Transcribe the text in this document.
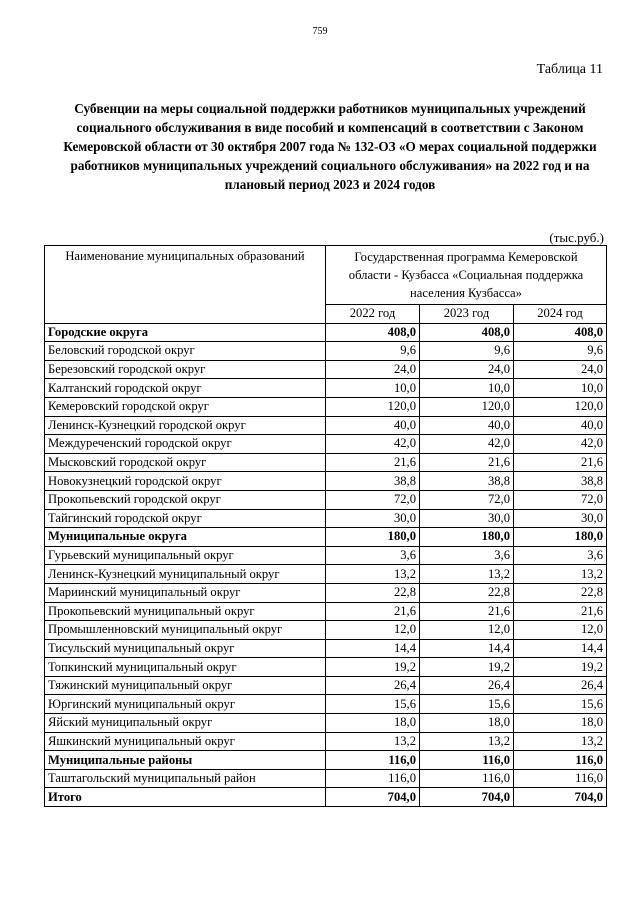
759
Таблица 11
Субвенции на меры социальной поддержки работников муниципальных учреждений социального обслуживания в виде пособий и компенсаций в соответствии с Законом Кемеровской области от 30 октября 2007 года № 132-ОЗ «О мерах социальной поддержки работников муниципальных учреждений социального обслуживания» на 2022 год и на плановый период 2023 и 2024 годов
(тыс.руб.)
Наименование муниципальных образований	Государственная программа Кемеровской области - Кузбасса «Социальная поддержка населения Кузбасса»		
	2022 год	2023 год	2024 год
Городские округа	408,0	408,0	408,0
Беловский городской округ	9,6	9,6	9,6
Березовский городской округ	24,0	24,0	24,0
Калтанский городской округ	10,0	10,0	10,0
Кемеровский городской округ	120,0	120,0	120,0
Ленинск-Кузнецкий городской округ	40,0	40,0	40,0
Междуреченский городской округ	42,0	42,0	42,0
Мысковский городской округ	21,6	21,6	21,6
Новокузнецкий городской округ	38,8	38,8	38,8
Прокопьевский городской округ	72,0	72,0	72,0
Тайгинский городской округ	30,0	30,0	30,0
Муниципальные округа	180,0	180,0	180,0
Гурьевский муниципальный округ	3,6	3,6	3,6
Ленинск-Кузнецкий муниципальный округ	13,2	13,2	13,2
Мариинский муниципальный округ	22,8	22,8	22,8
Прокопьевский муниципальный округ	21,6	21,6	21,6
Промышленновский муниципальный округ	12,0	12,0	12,0
Тисульский муниципальный округ	14,4	14,4	14,4
Топкинский муниципальный округ	19,2	19,2	19,2
Тяжинский муниципальный округ	26,4	26,4	26,4
Юргинский муниципальный округ	15,6	15,6	15,6
Яйский муниципальный округ	18,0	18,0	18,0
Яшкинский муниципальный округ	13,2	13,2	13,2
Муниципальные районы	116,0	116,0	116,0
Таштагольский муниципальный район	116,0	116,0	116,0
Итого	704,0	704,0	704,0
